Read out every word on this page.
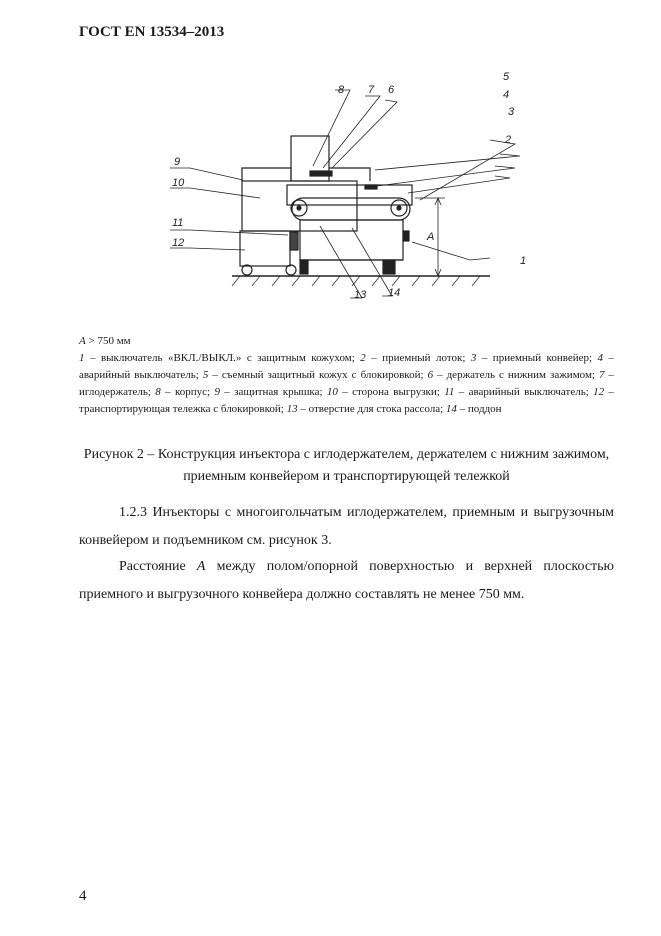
ГОСТ EN 13534–2013
A
1
2
3
4
5
6
7
8
9
10
11
12
13 14
A > 750 мм
1 – выключатель «ВКЛ./ВЫКЛ.» с защитным кожухом; 2 – приемный лоток; 3 – приемный конвейер; 4 – аварийный выключатель; 5 – съемный защитный кожух с блокировкой; 6 – держатель с нижним зажимом; 7 – иглодержатель; 8 – корпус; 9 – защитная крышка; 10 – сторона выгрузки; 11 – аварийный выключатель; 12 – транспортирующая тележка с блокировкой; 13 – отверстие для стока рассола; 14 – поддон
Рисунок 2 – Конструкция инъектора с иглодержателем, держателем с нижним зажимом, приемным конвейером и транспортирующей тележкой
1.2.3 Инъекторы с многоигольчатым иглодержателем, приемным и выгрузочным конвейером и подъемником см. рисунок 3.
Расстояние А между полом/опорной поверхностью и верхней плоскостью приемного и выгрузочного конвейера должно составлять не менее 750 мм.
4
